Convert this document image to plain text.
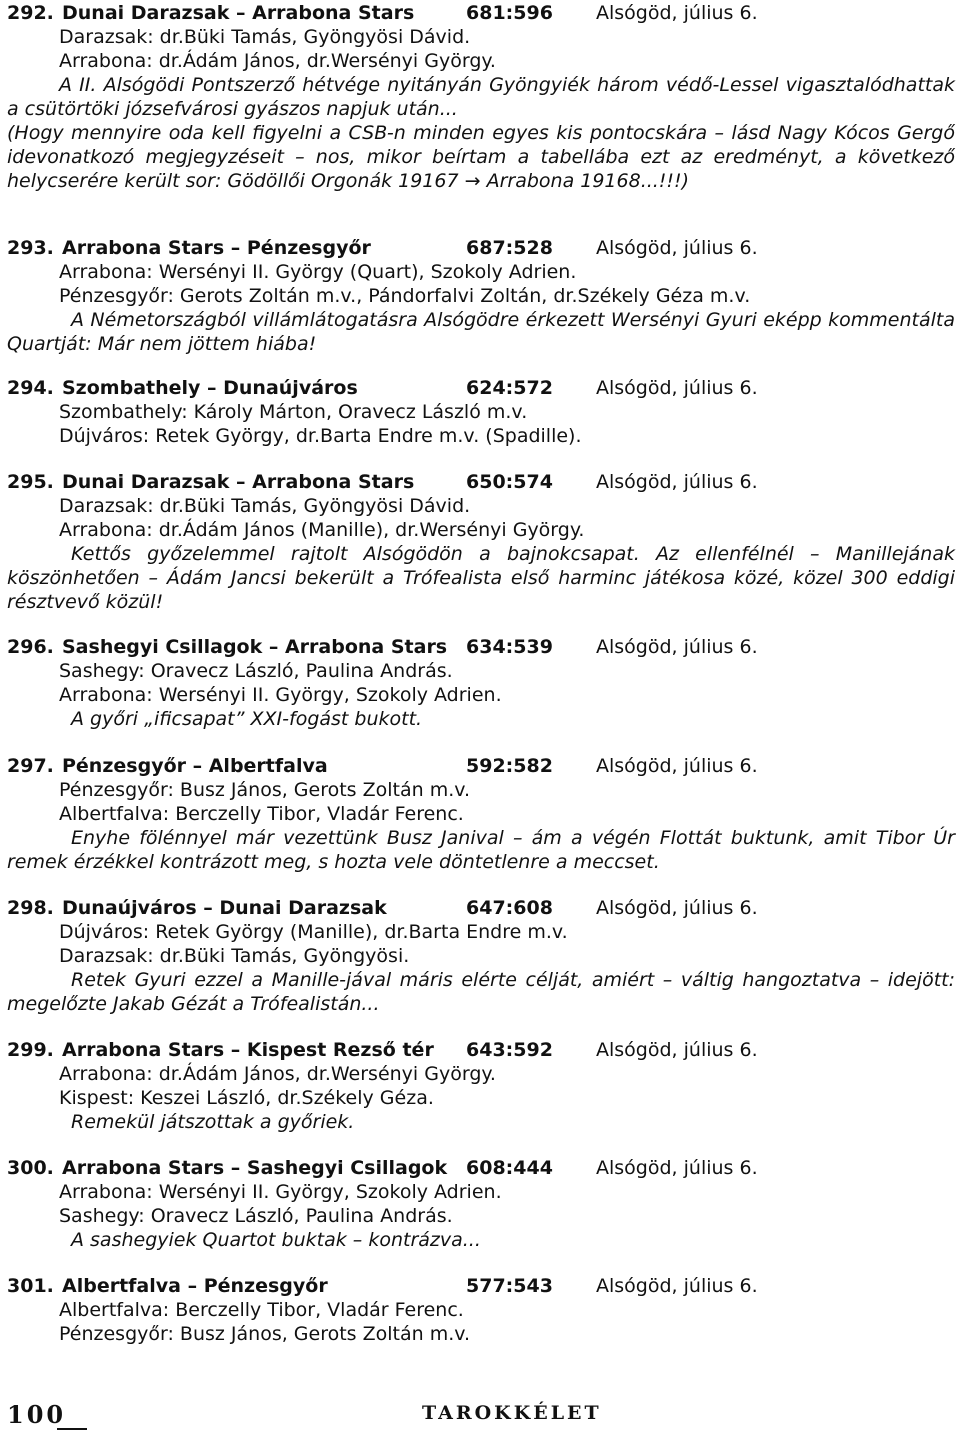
292. Dunai Darazsak – Arrabona Stars	681:596 Alsógöd, július 6.
Darazsak: dr.Büki Tamás, Gyöngyösi Dávid.
Arrabona: dr.Ádám János, dr.Wersényi György.

A II. Alsógödi Pontszerző hétvége nyitányán Gyöngyiék három védő-Lessel vigasztalódhattak a csütörtöki józsefvárosi gyászos napjuk után...

(Hogy mennyire oda kell figyelni a CSB-n minden egyes kis pontocskára – lásd Nagy Kócos Gergő idevonatkozó megjegyzéseit – nos, mikor beírtam a tabellába ezt az eredményt, a következő helycserére került sor: Gödöllői Orgonák 19167 → Arrabona 19168...!!!)

293. Arrabona Stars – Pénzesgyőr	687:528 Alsógöd, július 6.
Arrabona: Wersényi II. György (Quart), Szokoly Adrien.
Pénzesgyőr: Gerots Zoltán m.v., Pándorfalvi Zoltán, dr.Székely Géza m.v.

A Németországból villámlátogatásra Alsógödre érkezett Wersényi Gyuri eképp kommentálta Quartját: Már nem jöttem hiába!

294. Szombathely – Dunaújváros	624:572 Alsógöd, július 6.
Szombathely: Károly Márton, Oravecz László m.v.
Dújváros: Retek György, dr.Barta Endre m.v. (Spadille).
295. Dunai Darazsak – Arrabona Stars	650:574 Alsógöd, július 6.
Darazsak: dr.Büki Tamás, Gyöngyösi Dávid.
Arrabona: dr.Ádám János (Manille), dr.Wersényi György.

Kettős győzelemmel rajtolt Alsógödön a bajnokcsapat. Az ellenfélnél – Manillejának köszönhetően – Ádám Jancsi bekerült a Trófealista első harminc játékosa közé, közel 300 eddigi résztvevő közül!

296. Sashegyi Csillagok – Arrabona Stars 634:539 Alsógöd, július 6.
Sashegy: Oravecz László, Paulina András.
Arrabona: Wersényi II. György, Szokoly Adrien.

A győri „ificsapat” XXI-fogást bukott.

297. Pénzesgyőr – Albertfalva	592:582 Alsógöd, július 6.
Pénzesgyőr: Busz János, Gerots Zoltán m.v.
Albertfalva: Berczelly Tibor, Vladár Ferenc.

Enyhe fölénnyel már vezettünk Busz Janival – ám a végén Flottát buktunk, amit Tibor Úr remek érzékkel kontrázott meg, s hozta vele döntetlenre a meccset.

298. Dunaújváros – Dunai Darazsak	647:608 Alsógöd, július 6.
Dújváros: Retek György (Manille), dr.Barta Endre m.v.
Darazsak: dr.Büki Tamás, Gyöngyösi.

Retek Gyuri ezzel a Manille-jával máris elérte célját, amiért – váltig hangoztatva – idejött: megelőzte Jakab Gézát a Trófealistán...

299. Arrabona Stars – Kispest Rezső tér 643:592 Alsógöd, július 6.
Arrabona: dr.Ádám János, dr.Wersényi György.
Kispest: Keszei László, dr.Székely Géza.

Remekül játszottak a győriek.

300. Arrabona Stars – Sashegyi Csillagok 608:444 Alsógöd, július 6.
Arrabona: Wersényi II. György, Szokoly Adrien.
Sashegy: Oravecz László, Paulina András.

A sashegyiek Quartot buktak – kontrázva...

301. Albertfalva – Pénzesgyőr	577:543 Alsógöd, július 6.
Albertfalva: Berczelly Tibor, Vladár Ferenc.
Pénzesgyőr: Busz János, Gerots Zoltán m.v.
100	TAROKKÉLET
